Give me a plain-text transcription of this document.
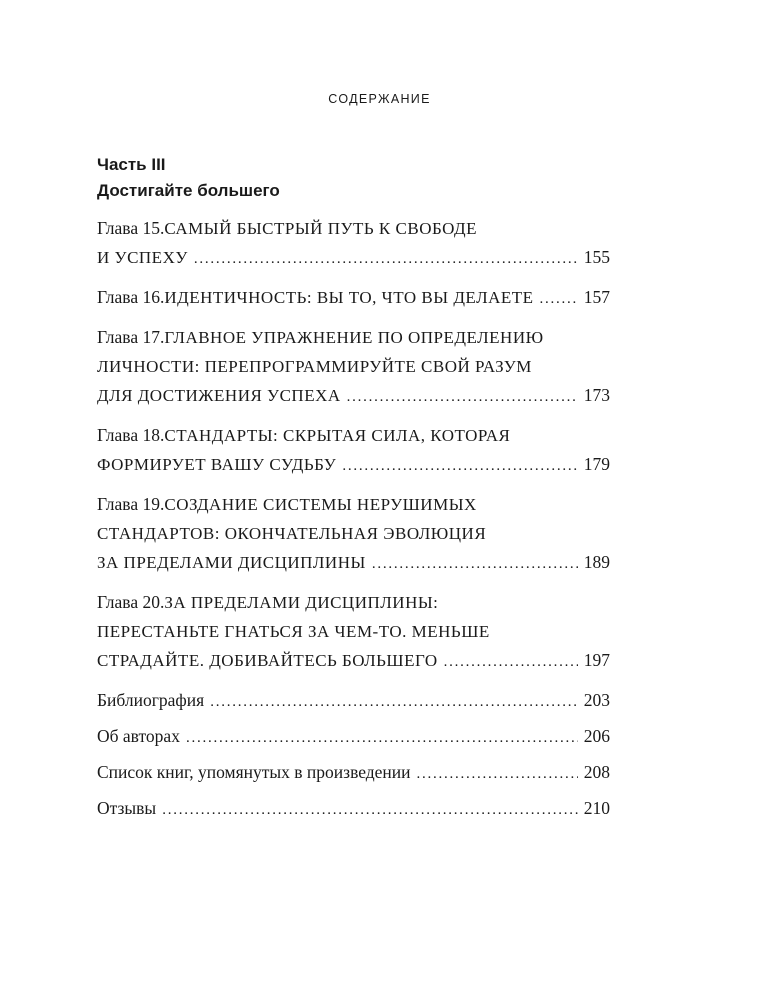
СОДЕРЖАНИЕ
Часть III
Достигайте большего
Глава 15. САМЫЙ БЫСТРЫЙ ПУТЬ К СВОБОДЕ
И УСПЕХУ . . .	155
Глава 16. ИДЕНТИЧНОСТЬ: ВЫ ТО, ЧТО ВЫ ДЕЛАЕТЕ . . .	157
Глава 17. ГЛАВНОЕ УПРАЖНЕНИЕ ПО ОПРЕДЕЛЕНИЮ
ЛИЧНОСТИ: ПЕРЕПРОГРАММИРУЙТЕ СВОЙ РАЗУМ
ДЛЯ ДОСТИЖЕНИЯ УСПЕХА . . .	173
Глава 18. СТАНДАРТЫ: СКРЫТАЯ СИЛА, КОТОРАЯ
ФОРМИРУЕТ ВАШУ СУДЬБУ . . .	179
Глава 19. СОЗДАНИЕ СИСТЕМЫ НЕРУШИМЫХ
СТАНДАРТОВ: ОКОНЧАТЕЛЬНАЯ ЭВОЛЮЦИЯ
ЗА ПРЕДЕЛАМИ ДИСЦИПЛИНЫ . . .	189
Глава 20. ЗА ПРЕДЕЛАМИ ДИСЦИПЛИНЫ:
ПЕРЕСТАНЬТЕ ГНАТЬСЯ ЗА ЧЕМ-ТО. МЕНЬШЕ
СТРАДАЙТЕ. ДОБИВАЙТЕСЬ БОЛЬШЕГО . . .	197
Библиография . . .	203
Об авторах . . .	206
Список книг, упомянутых в произведении . . .	208
Отзывы . . .	210
